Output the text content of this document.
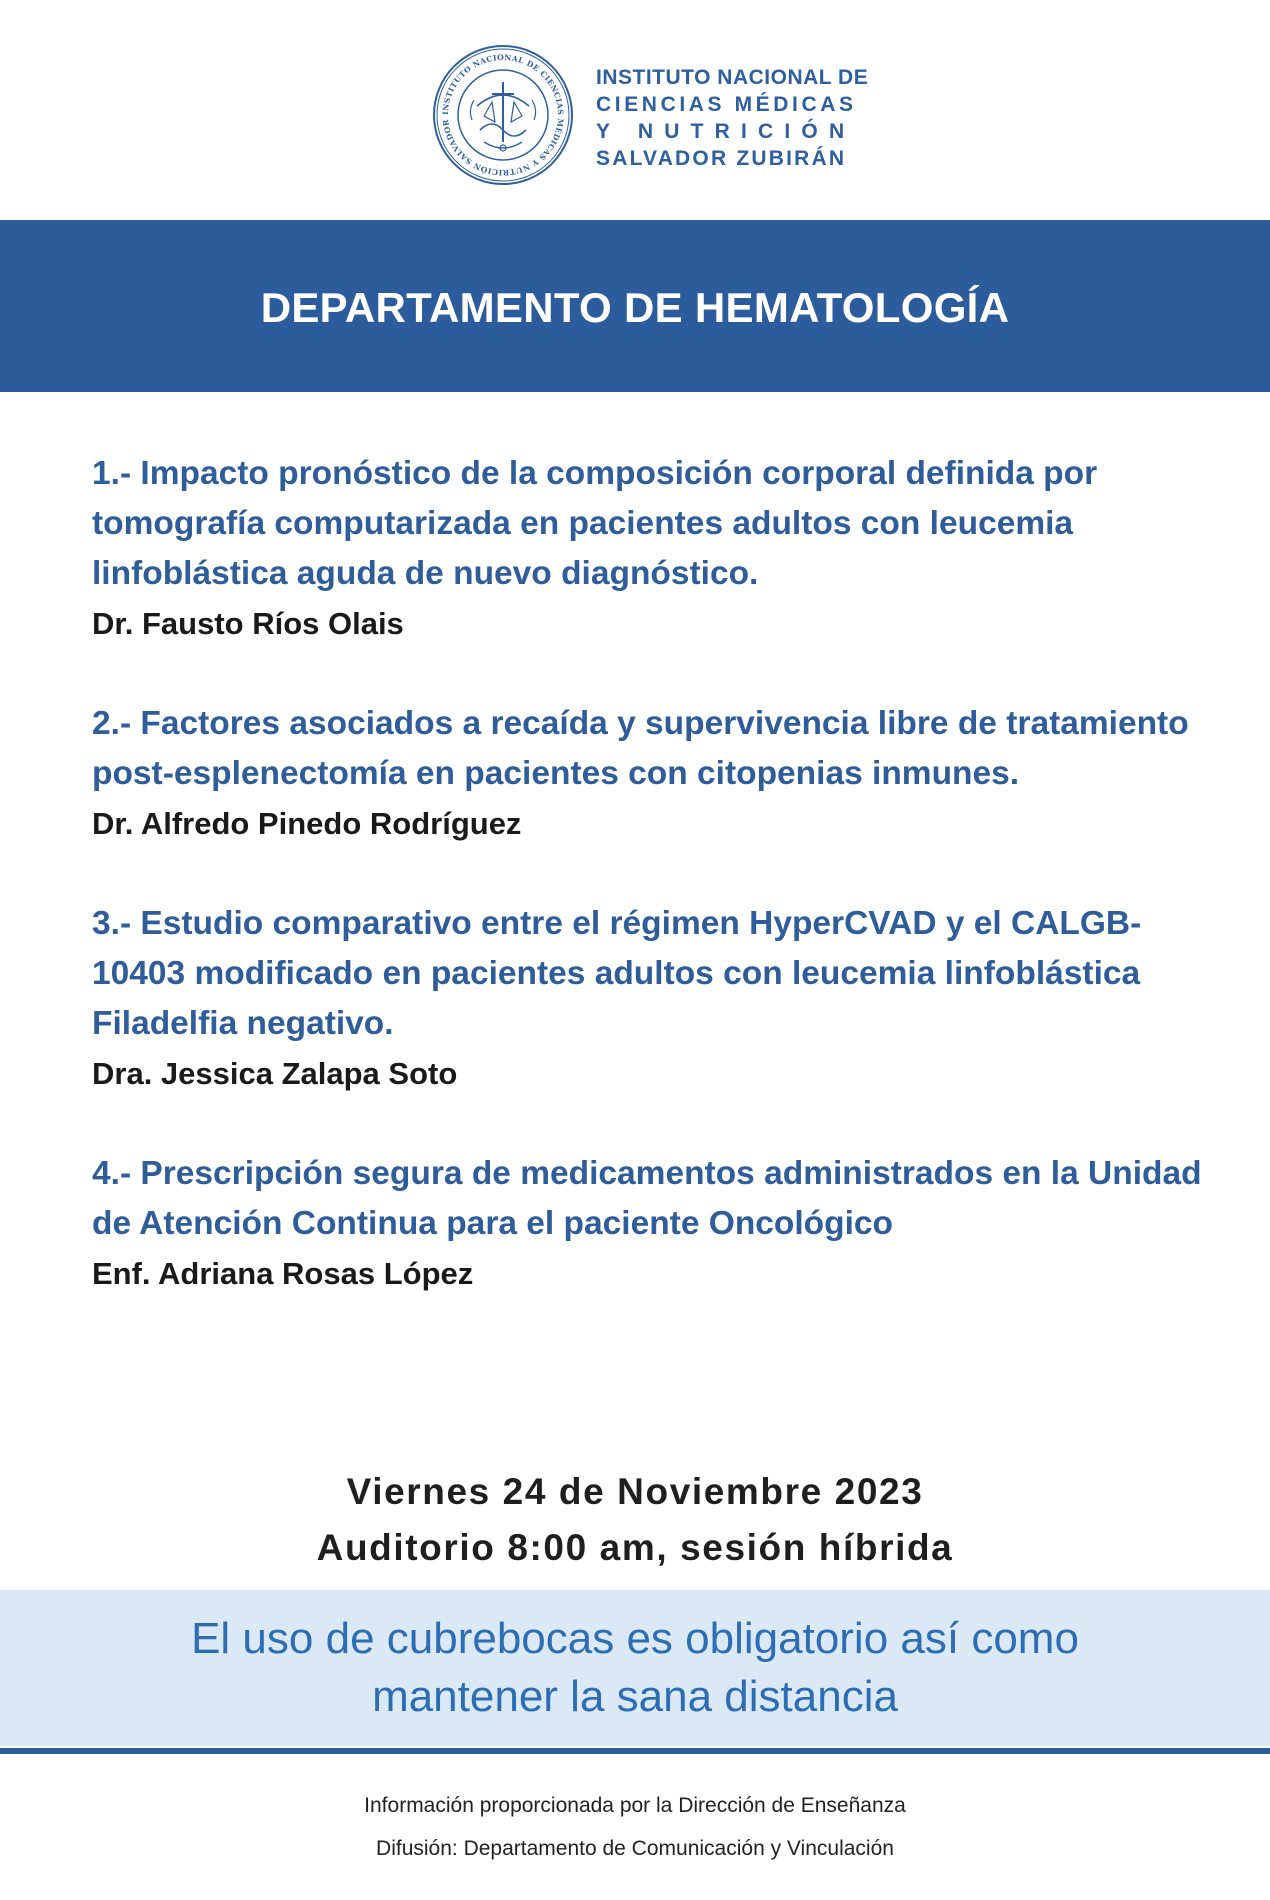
INSTITUTO NACIONAL DE CIENCIAS MÉDICAS Y NUTRICIÓN SALVADOR
INSTITUTO NACIONAL DE
CIENCIAS MÉDICAS
Y NUTRICIÓN
SALVADOR ZUBIRÁN
DEPARTAMENTO DE HEMATOLOGÍA
1.- Impacto pronóstico de la composición corporal definida por tomografía computarizada en pacientes adultos con leucemia linfoblástica aguda de nuevo diagnóstico.
Dr. Fausto Ríos Olais
2.- Factores asociados a recaída y supervivencia libre de tratamiento post-esplenectomía en pacientes con citopenias inmunes.
Dr. Alfredo Pinedo Rodríguez
3.- Estudio comparativo entre el régimen HyperCVAD y el CALGB-10403 modificado en pacientes adultos con leucemia linfoblástica Filadelfia negativo.
Dra. Jessica Zalapa Soto
4.- Prescripción segura de medicamentos administrados en la Unidad de Atención Continua para el paciente Oncológico
Enf. Adriana Rosas López
Viernes 24 de Noviembre 2023
Auditorio 8:00 am, sesión híbrida
El uso de cubrebocas es obligatorio así como
mantener la sana distancia
Información proporcionada por la Dirección de Enseñanza
Difusión: Departamento de Comunicación y Vinculación
